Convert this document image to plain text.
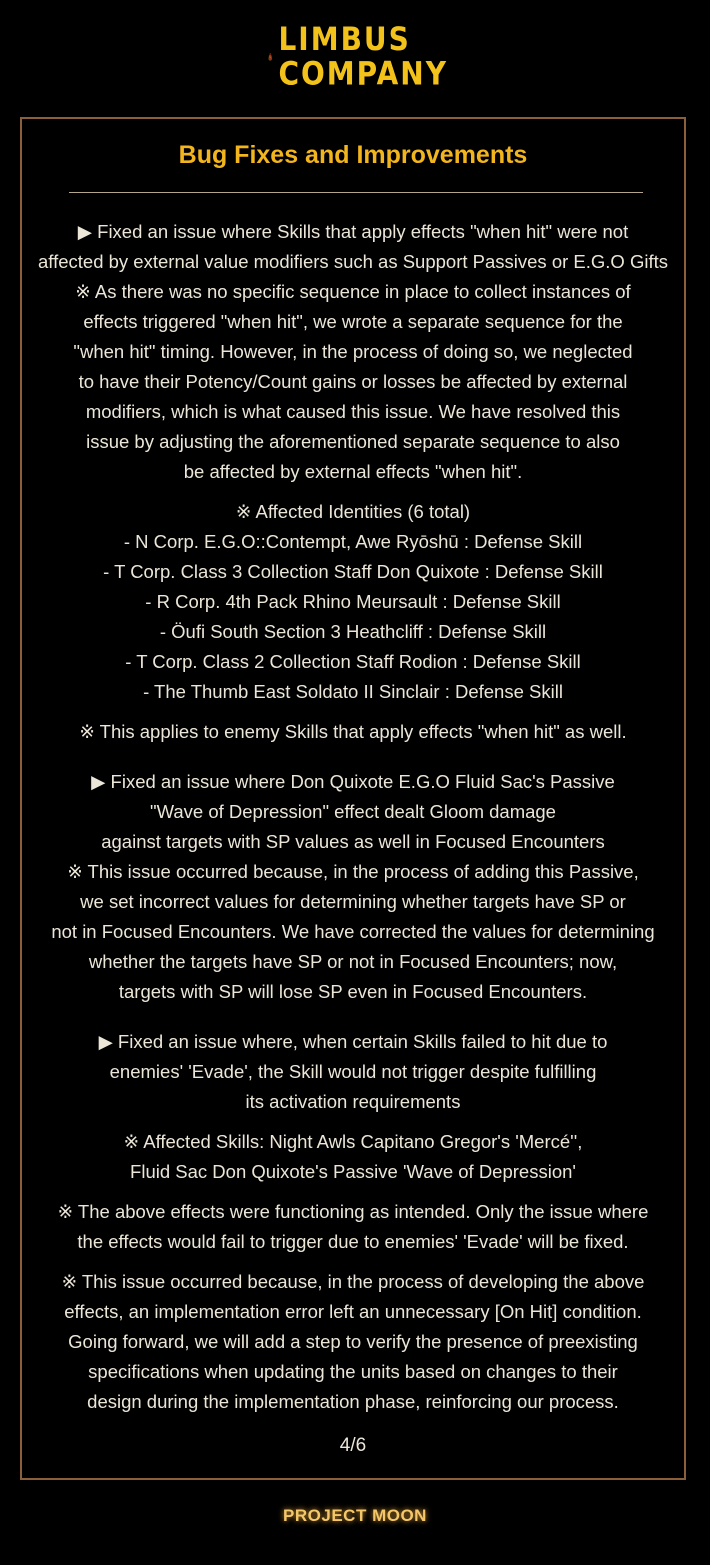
LIMBUS
COMPANY
Bug Fixes and Improvements
▶ Fixed an issue where Skills that apply effects "when hit" were not
affected by external value modifiers such as Support Passives or E.G.O Gifts
※ As there was no specific sequence in place to collect instances of
effects triggered "when hit", we wrote a separate sequence for the
"when hit" timing. However, in the process of doing so, we neglected
to have their Potency/Count gains or losses be affected by external
modifiers, which is what caused this issue. We have resolved this
issue by adjusting the aforementioned separate sequence to also
be affected by external effects "when hit".
※ Affected Identities (6 total)
- N Corp. E.G.O::Contempt, Awe Ryōshū : Defense Skill
- T Corp. Class 3 Collection Staff Don Quixote : Defense Skill
- R Corp. 4th Pack Rhino Meursault : Defense Skill
- Öufi South Section 3 Heathcliff : Defense Skill
- T Corp. Class 2 Collection Staff Rodion : Defense Skill
- The Thumb East Soldato II Sinclair : Defense Skill
※ This applies to enemy Skills that apply effects "when hit" as well.
▶ Fixed an issue where Don Quixote E.G.O Fluid Sac's Passive
"Wave of Depression" effect dealt Gloom damage
against targets with SP values as well in Focused Encounters
※ This issue occurred because, in the process of adding this Passive,
we set incorrect values for determining whether targets have SP or
not in Focused Encounters. We have corrected the values for determining
whether the targets have SP or not in Focused Encounters; now,
targets with SP will lose SP even in Focused Encounters.
▶ Fixed an issue where, when certain Skills failed to hit due to
enemies' 'Evade', the Skill would not trigger despite fulfilling
its activation requirements
※ Affected Skills: Night Awls Capitano Gregor's 'Mercé'',
Fluid Sac Don Quixote's Passive 'Wave of Depression'
※ The above effects were functioning as intended. Only the issue where
the effects would fail to trigger due to enemies' 'Evade' will be fixed.
※ This issue occurred because, in the process of developing the above
effects, an implementation error left an unnecessary [On Hit] condition.
Going forward, we will add a step to verify the presence of preexisting
specifications when updating the units based on changes to their
design during the implementation phase, reinforcing our process.
4/6
PROJECT MOON
